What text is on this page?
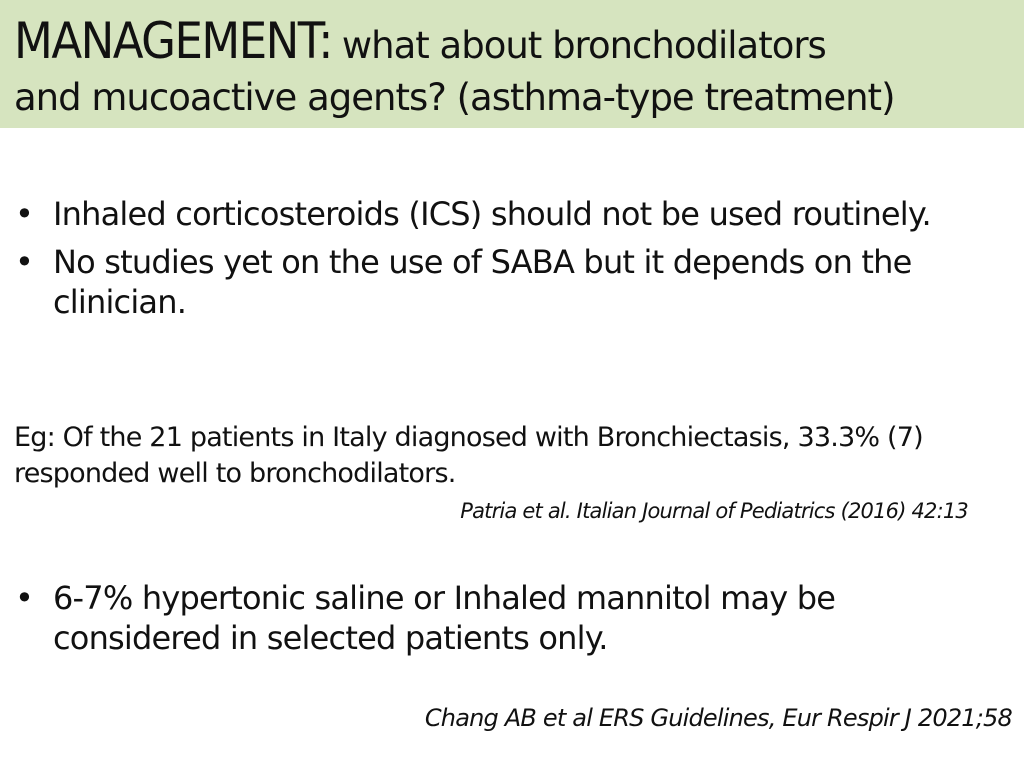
MANAGEMENT: what about bronchodilators
and mucoactive agents? (asthma-type treatment)
• Inhaled corticosteroids (ICS) should not be used routinely.
• No studies yet on the use of SABA but it depends on the clinician.
Eg: Of the 21 patients in Italy diagnosed with Bronchiectasis, 33.3% (7) responded well to bronchodilators.
Patria et al. Italian Journal of Pediatrics (2016) 42:13
• 6-7% hypertonic saline or Inhaled mannitol may be considered in selected patients only.
Chang AB et al ERS Guidelines, Eur Respir J 2021;58
